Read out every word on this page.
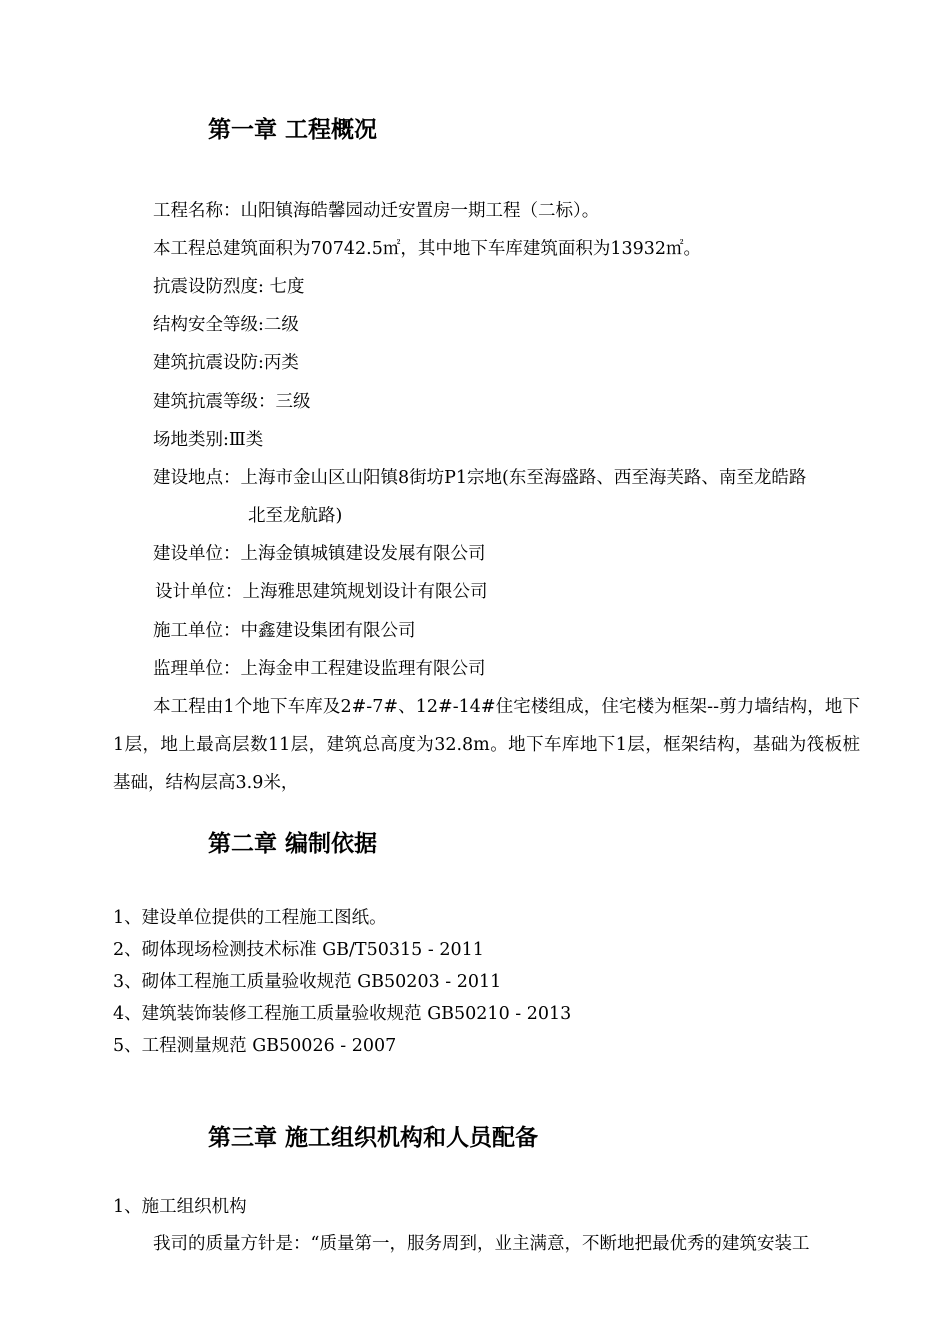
第一章 工程概况

工程名称：山阳镇海皓馨园动迁安置房一期工程（二标）。

本工程总建筑面积为70742.5㎡，其中地下车库建筑面积为13932㎡。

抗震设防烈度: 七度

结构安全等级:二级

建筑抗震设防:丙类

建筑抗震等级：三级

场地类别:Ⅲ类

建设地点：上海市金山区山阳镇8街坊P1宗地(东至海盛路、西至海芙路、南至龙皓路

北至龙航路)

建设单位：上海金镇城镇建设发展有限公司

设计单位：上海雅思建筑规划设计有限公司

施工单位：中鑫建设集团有限公司

监理单位：上海金申工程建设监理有限公司

本工程由1个地下车库及2#-7#、12#-14#住宅楼组成，住宅楼为框架--剪力墙结构，地下1层，地上最高层数11层，建筑总高度为32.8m。地下车库地下1层，框架结构，基础为筏板桩基础，结构层高3.9米，

第二章 编制依据

1、建设单位提供的工程施工图纸。

2、砌体现场检测技术标准 GB/T50315 - 2011

3、砌体工程施工质量验收规范 GB50203 - 2011

4、建筑装饰装修工程施工质量验收规范 GB50210 - 2013

5、工程测量规范 GB50026 - 2007

第三章 施工组织机构和人员配备

1、施工组织机构

我司的质量方针是：“质量第一，服务周到，业主满意，不断地把最优秀的建筑安装工
